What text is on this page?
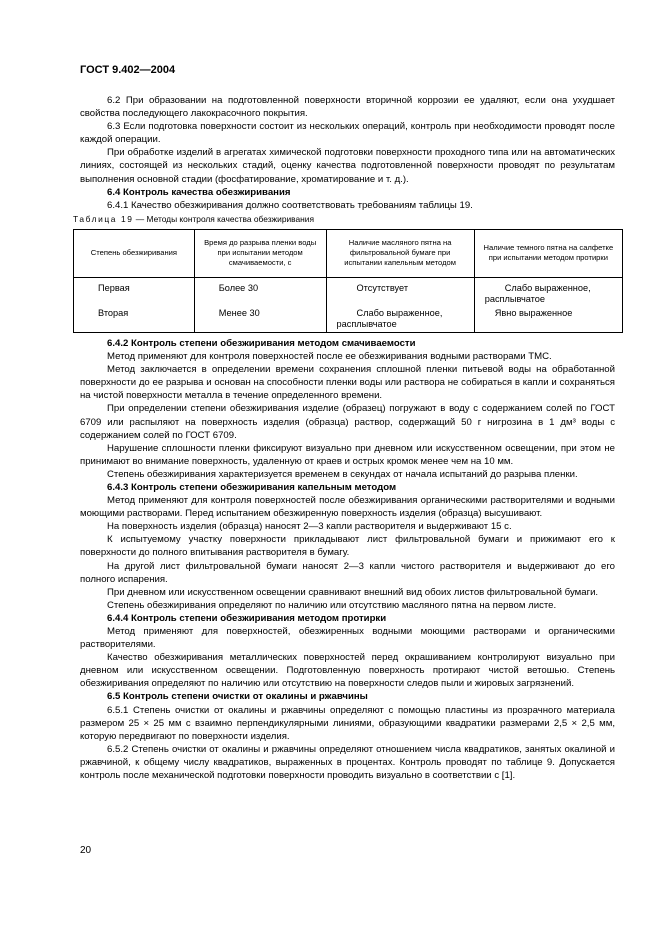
ГОСТ 9.402—2004

6.2 При образовании на подготовленной поверхности вторичной коррозии ее удаляют, если она ухудшает свойства последующего лакокрасочного покрытия.

6.3 Если подготовка поверхности состоит из нескольких операций, контроль при необходимости проводят после каждой операции.

При обработке изделий в агрегатах химической подготовки поверхности проходного типа или на автоматических линиях, состоящей из нескольких стадий, оценку качества подготовленной поверхности проводят по результатам выполнения основной стадии (фосфатирование, хроматирование и т. д.).

6.4 Контроль качества обезжиривания

6.4.1 Качество обезжиривания должно соответствовать требованиям таблицы 19.

Таблица 19 — Методы контроля качества обезжиривания

Степень обезжиривания	Время до разрыва пленки воды при испытании методом смачиваемости, с	Наличие масляного пятна на фильтровальной бумаге при испытании капельным методом	Наличие темного пятна на салфетке при испытании методом протирки
Первая	Более 30	Отсутствует	Слабо выраженное, расплывчатое
Вторая	Менее 30	Слабо выраженное, расплывчатое	Явно выраженное

6.4.2 Контроль степени обезжиривания методом смачиваемости

Метод применяют для контроля поверхностей после ее обезжиривания водными растворами ТМС.

Метод заключается в определении времени сохранения сплошной пленки питьевой воды на обработанной поверхности до ее разрыва и основан на способности пленки воды или раствора не собираться в капли и сохраняться на чистой поверхности металла в течение определенного времени.

При определении степени обезжиривания изделие (образец) погружают в воду с содержанием солей по ГОСТ 6709 или распыляют на поверхность изделия (образца) раствор, содержащий 50 г нигрозина в 1 дм³ воды с содержанием солей по ГОСТ 6709.

Нарушение сплошности пленки фиксируют визуально при дневном или искусственном освещении, при этом не принимают во внимание поверхность, удаленную от краев и острых кромок менее чем на 10 мм.

Степень обезжиривания характеризуется временем в секундах от начала испытаний до разрыва пленки.

6.4.3 Контроль степени обезжиривания капельным методом

Метод применяют для контроля поверхностей после обезжиривания органическими растворителями и водными моющими растворами. Перед испытанием обезжиренную поверхность изделия (образца) высушивают.

На поверхность изделия (образца) наносят 2—3 капли растворителя и выдерживают 15 с.

К испытуемому участку поверхности прикладывают лист фильтровальной бумаги и прижимают его к поверхности до полного впитывания растворителя в бумагу.

На другой лист фильтровальной бумаги наносят 2—3 капли чистого растворителя и выдерживают до его полного испарения.

При дневном или искусственном освещении сравнивают внешний вид обоих листов фильтровальной бумаги.

Степень обезжиривания определяют по наличию или отсутствию масляного пятна на первом листе.

6.4.4 Контроль степени обезжиривания методом протирки

Метод применяют для поверхностей, обезжиренных водными моющими растворами и органическими растворителями.

Качество обезжиривания металлических поверхностей перед окрашиванием контролируют визуально при дневном или искусственном освещении. Подготовленную поверхность протирают чистой ветошью. Степень обезжиривания определяют по наличию или отсутствию на поверхности следов пыли и жировых загрязнений.

6.5 Контроль степени очистки от окалины и ржавчины

6.5.1 Степень очистки от окалины и ржавчины определяют с помощью пластины из прозрачного материала размером 25 × 25 мм с взаимно перпендикулярными линиями, образующими квадратики размерами 2,5 × 2,5 мм, которую передвигают по поверхности изделия.

6.5.2 Степень очистки от окалины и ржавчины определяют отношением числа квадратиков, занятых окалиной и ржавчиной, к общему числу квадратиков, выраженных в процентах. Контроль проводят по таблице 9. Допускается контроль после механической подготовки поверхности проводить визуально в соответствии с [1].

20
